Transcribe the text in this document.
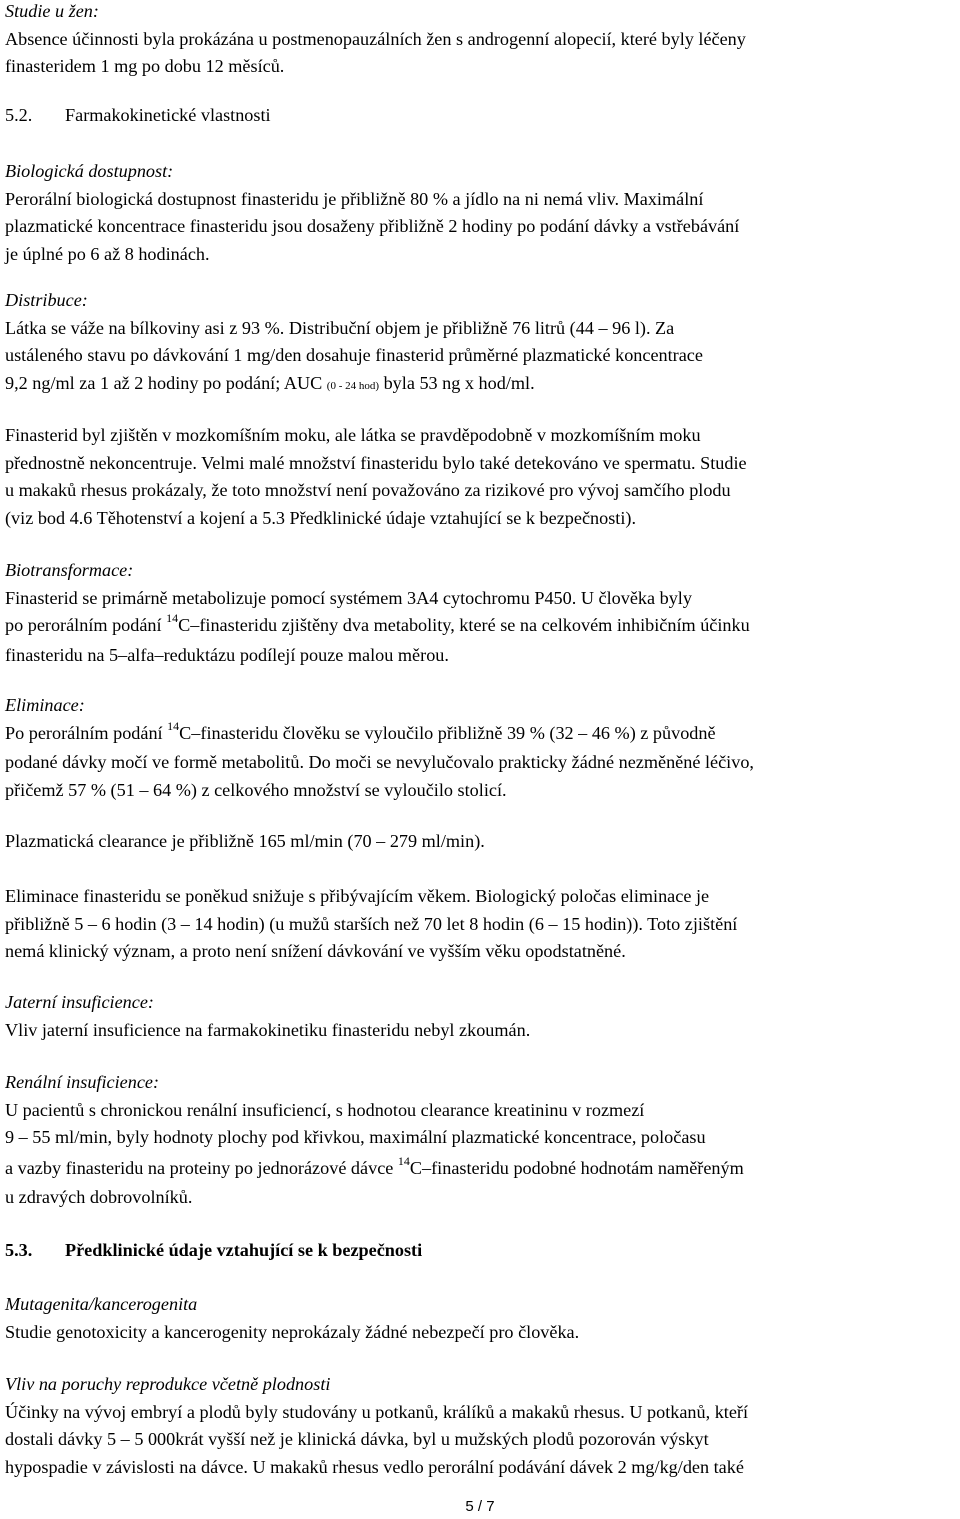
Studie u žen:
Absence účinnosti byla prokázána u postmenopauzálních žen s androgenní alopecií, které byly léčeny
finasteridem 1 mg po dobu 12 měsíců.
5.2. Farmakokinetické vlastnosti
Biologická dostupnost:
Perorální biologická dostupnost finasteridu je přibližně 80 % a jídlo na ni nemá vliv. Maximální
plazmatické koncentrace finasteridu jsou dosaženy přibližně 2 hodiny po podání dávky a vstřebávání
je úplné po 6 až 8 hodinách.
Distribuce:
Látka se váže na bílkoviny asi z 93 %. Distribuční objem je přibližně 76 litrů (44 – 96 l). Za
ustáleného stavu po dávkování 1 mg/den dosahuje finasterid průměrné plazmatické koncentrace
9,2 ng/ml za 1 až 2 hodiny po podání; AUC (0 - 24 hod) byla 53 ng x hod/ml.
Finasterid byl zjištěn v mozkomíšním moku, ale látka se pravděpodobně v mozkomíšním moku
přednostně nekoncentruje. Velmi malé množství finasteridu bylo také detekováno ve spermatu. Studie
u makaků rhesus prokázaly, že toto množství není považováno za rizikové pro vývoj samčího plodu
(viz bod 4.6 Těhotenství a kojení a 5.3 Předklinické údaje vztahující se k bezpečnosti).
Biotransformace:
Finasterid se primárně metabolizuje pomocí systémem 3A4 cytochromu P450. U člověka byly
po perorálním podání $^{14}$C–finasteridu zjištěny dva metabolity, které se na celkovém inhibičním účinku
finasteridu na 5–alfa–reduktázu podílejí pouze malou měrou.
Eliminace:
Po perorálním podání $^{14}$C–finasteridu člověku se vyloučilo přibližně 39 % (32 – 46 %) z původně
podané dávky močí ve formě metabolitů. Do moči se nevylučovalo prakticky žádné nezměněné léčivo,
přičemž 57 % (51 – 64 %) z celkového množství se vyloučilo stolicí.
Plazmatická clearance je přibližně 165 ml/min (70 – 279 ml/min).
Eliminace finasteridu se poněkud snižuje s přibývajícím věkem. Biologický poločas eliminace je
přibližně 5 – 6 hodin (3 – 14 hodin) (u mužů starších než 70 let 8 hodin (6 – 15 hodin)). Toto zjištění
nemá klinický význam, a proto není snížení dávkování ve vyšším věku opodstatněné.
Jaterní insuficience:
Vliv jaterní insuficience na farmakokinetiku finasteridu nebyl zkoumán.
Renální insuficience:
U pacientů s chronickou renální insuficiencí, s hodnotou clearance kreatininu v rozmezí
9 – 55 ml/min, byly hodnoty plochy pod křivkou, maximální plazmatické koncentrace, poločasu
a vazby finasteridu na proteiny po jednorázové dávce $^{14}$C–finasteridu podobné hodnotám naměřeným
u zdravých dobrovolníků.
5.3. Předklinické údaje vztahující se k bezpečnosti
Mutagenita/kancerogenita
Studie genotoxicity a kancerogenity neprokázaly žádné nebezpečí pro člověka.
Vliv na poruchy reprodukce včetně plodnosti
Účinky na vývoj embryí a plodů byly studovány u potkanů, králíků a makaků rhesus. U potkanů, kteří
dostali dávky 5 – 5 000krát vyšší než je klinická dávka, byl u mužských plodů pozorován výskyt
hypospadie v závislosti na dávce. U makaků rhesus vedlo perorální podávání dávek 2 mg/kg/den také
5 / 7
